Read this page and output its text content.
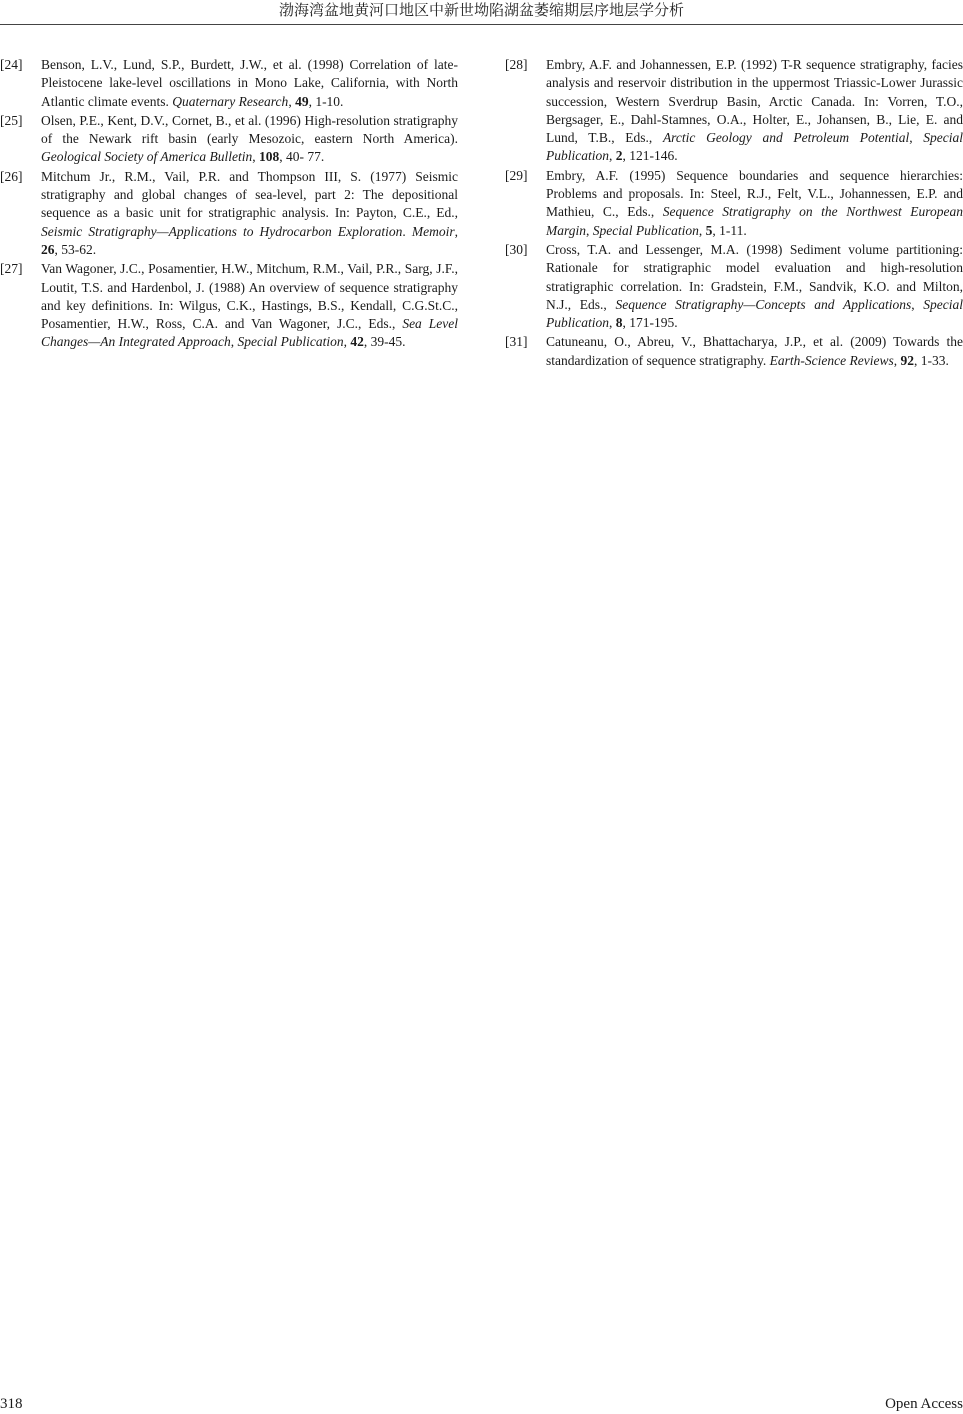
渤海湾盆地黄河口地区中新世坳陷湖盆萎缩期层序地层学分析
[24] Benson, L.V., Lund, S.P., Burdett, J.W., et al. (1998) Correlation of late-Pleistocene lake-level oscillations in Mono Lake, California, with North Atlantic climate events. Quaternary Research, 49, 1-10.
[25] Olsen, P.E., Kent, D.V., Cornet, B., et al. (1996) High-resolution stratigraphy of the Newark rift basin (early Mesozoic, eastern North America). Geological Society of America Bulletin, 108, 40- 77.
[26] Mitchum Jr., R.M., Vail, P.R. and Thompson III, S. (1977) Seismic stratigraphy and global changes of sea-level, part 2: The depositional sequence as a basic unit for stratigraphic analysis. In: Payton, C.E., Ed., Seismic Stratigraphy—Applications to Hydrocarbon Exploration. Memoir, 26, 53-62.
[27] Van Wagoner, J.C., Posamentier, H.W., Mitchum, R.M., Vail, P.R., Sarg, J.F., Loutit, T.S. and Hardenbol, J. (1988) An overview of sequence stratigraphy and key definitions. In: Wilgus, C.K., Hastings, B.S., Kendall, C.G.St.C., Posamentier, H.W., Ross, C.A. and Van Wagoner, J.C., Eds., Sea Level Changes—An Integrated Approach, Special Publication, 42, 39-45.
[28] Embry, A.F. and Johannessen, E.P. (1992) T-R sequence stratigraphy, facies analysis and reservoir distribution in the uppermost Triassic-Lower Jurassic succession, Western Sverdrup Basin, Arctic Canada. In: Vorren, T.O., Bergsager, E., Dahl-Stamnes, O.A., Holter, E., Johansen, B., Lie, E. and Lund, T.B., Eds., Arctic Geology and Petroleum Potential, Special Publication, 2, 121-146.
[29] Embry, A.F. (1995) Sequence boundaries and sequence hierarchies: Problems and proposals. In: Steel, R.J., Felt, V.L., Johannessen, E.P. and Mathieu, C., Eds., Sequence Stratigraphy on the Northwest European Margin, Special Publication, 5, 1-11.
[30] Cross, T.A. and Lessenger, M.A. (1998) Sediment volume partitioning: Rationale for stratigraphic model evaluation and high-resolution stratigraphic correlation. In: Gradstein, F.M., Sandvik, K.O. and Milton, N.J., Eds., Sequence Stratigraphy—Concepts and Applications, Special Publication, 8, 171-195.
[31] Catuneanu, O., Abreu, V., Bhattacharya, J.P., et al. (2009) Towards the standardization of sequence stratigraphy. Earth-Science Reviews, 92, 1-33.
318	Open Access
